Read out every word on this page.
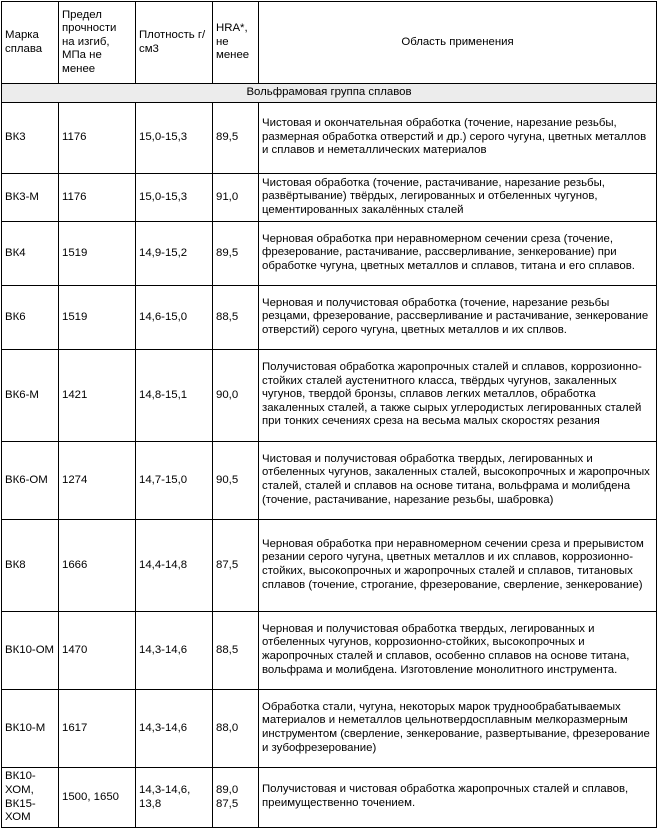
Марка сплава	Предел прочности на изгиб, МПа не менее	Плотность г/см3	HRA*, не менее	Область применения
Вольфрамовая группа сплавов				
ВК3	1176	15,0-15,3	89,5	Чистовая и окончательная обработка (точение, нарезание резьбы, размерная обработка отверстий и др.) серого чугуна, цветных металлов и сплавов и неметаллических материалов
ВК3-М	1176	15,0-15,3	91,0	Чистовая обработка (точение, растачивание, нарезание резьбы, развёртывание) твёрдых, легированных и отбеленных чугунов, цементированных закалённых сталей
ВК4	1519	14,9-15,2	89,5	Черновая обработка при неравномерном сечении среза (точение, фрезерование, растачивание, рассверливание, зенкерование) при обработке чугуна, цветных металлов и сплавов, титана и его сплавов.
ВК6	1519	14,6-15,0	88,5	Черновая и получистовая обработка (точение, нарезание резьбы резцами, фрезерование, рассверливание и растачивание, зенкерование отверстий) серого чугуна, цветных металлов и их сплвов.
ВК6-М	1421	14,8-15,1	90,0	Получистовая обработка жаропрочных сталей и сплавов, коррозионно-стойких сталей аустенитного класса, твёрдых чугунов, закаленных чугунов, твердой бронзы, сплавов легких металлов, обработка закаленных сталей, а также сырых углеродистых легированных сталей при тонких сечениях среза на весьма малых скоростях резания
ВК6-ОМ	1274	14,7-15,0	90,5	Чистовая и получистовая обработка твердых, легированных и отбеленных чугунов, закаленных сталей, высокопрочных и жаропрочных сталей, сталей и сплавов на основе титана, вольфрама и молибдена (точение, растачивание, нарезание резьбы, шабровка)
ВК8	1666	14,4-14,8	87,5	Черновая обработка при неравномерном сечении среза и прерывистом резании серого чугуна, цветных металлов и их сплавов, коррозионно-стойких, высокопрочных и жаропрочных сталей и сплавов, титановых сплавов (точение, строгание, фрезерование, сверление, зенкерование)
ВК10-ОМ	1470	14,3-14,6	88,5	Черновая и получистовая обработка твердых, легированных и отбеленных чугунов, коррозионно-стойких, высокопрочных и жаропрочных сталей и сплавов, особенно сплавов на основе титана, вольфрама и молибдена. Изготовление монолитного инструмента.
ВК10-М	1617	14,3-14,6	88,0	Обработка стали, чугуна, некоторых марок труднообрабатываемых материалов и неметаллов цельнотвердосплавным мелкоразмерным инструментом (сверление, зенкерование, развертывание, фрезерование и зубофрезерование)
ВК10-ХОМ, ВК15-ХОМ	1500, 1650	14,3-14,6, 13,8	89,0 87,5	Получистовая и чистовая обработка жаропрочных сталей и сплавов, преимущественно точением.
